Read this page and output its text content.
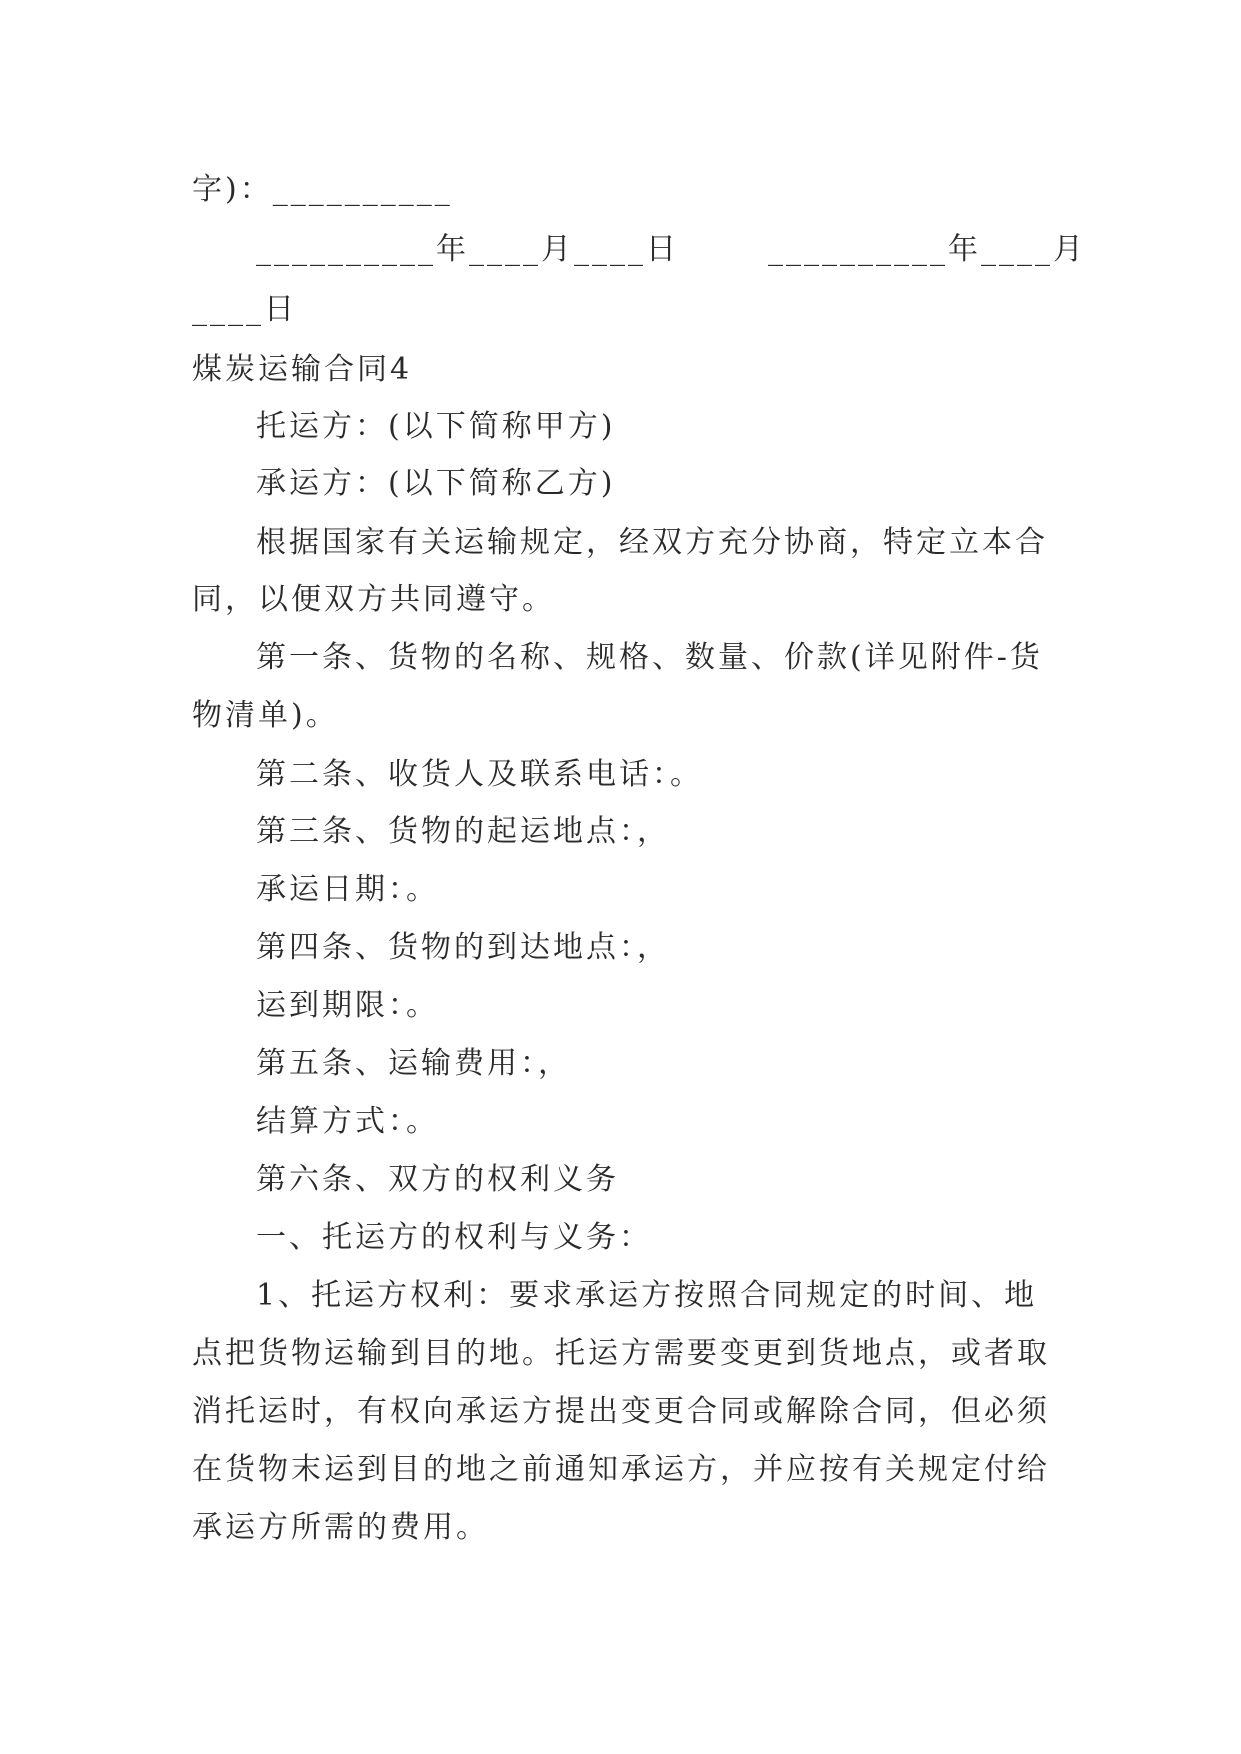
字)：__________
__________年____月____日	__________年____月
____日
煤炭运输合同4
托运方：(以下简称甲方)
承运方：(以下简称乙方)
根据国家有关运输规定，经双方充分协商，特定立本合
同，以便双方共同遵守。
第一条、货物的名称、规格、数量、价款(详见附件-货
物清单)。
第二条、收货人及联系电话：。
第三条、货物的起运地点：，
承运日期：。
第四条、货物的到达地点：，
运到期限：。
第五条、运输费用：，
结算方式：。
第六条、双方的权利义务
一、托运方的权利与义务：
1、托运方权利：要求承运方按照合同规定的时间、地
点把货物运输到目的地。托运方需要变更到货地点，或者取
消托运时，有权向承运方提出变更合同或解除合同，但必须
在货物末运到目的地之前通知承运方，并应按有关规定付给
承运方所需的费用。
